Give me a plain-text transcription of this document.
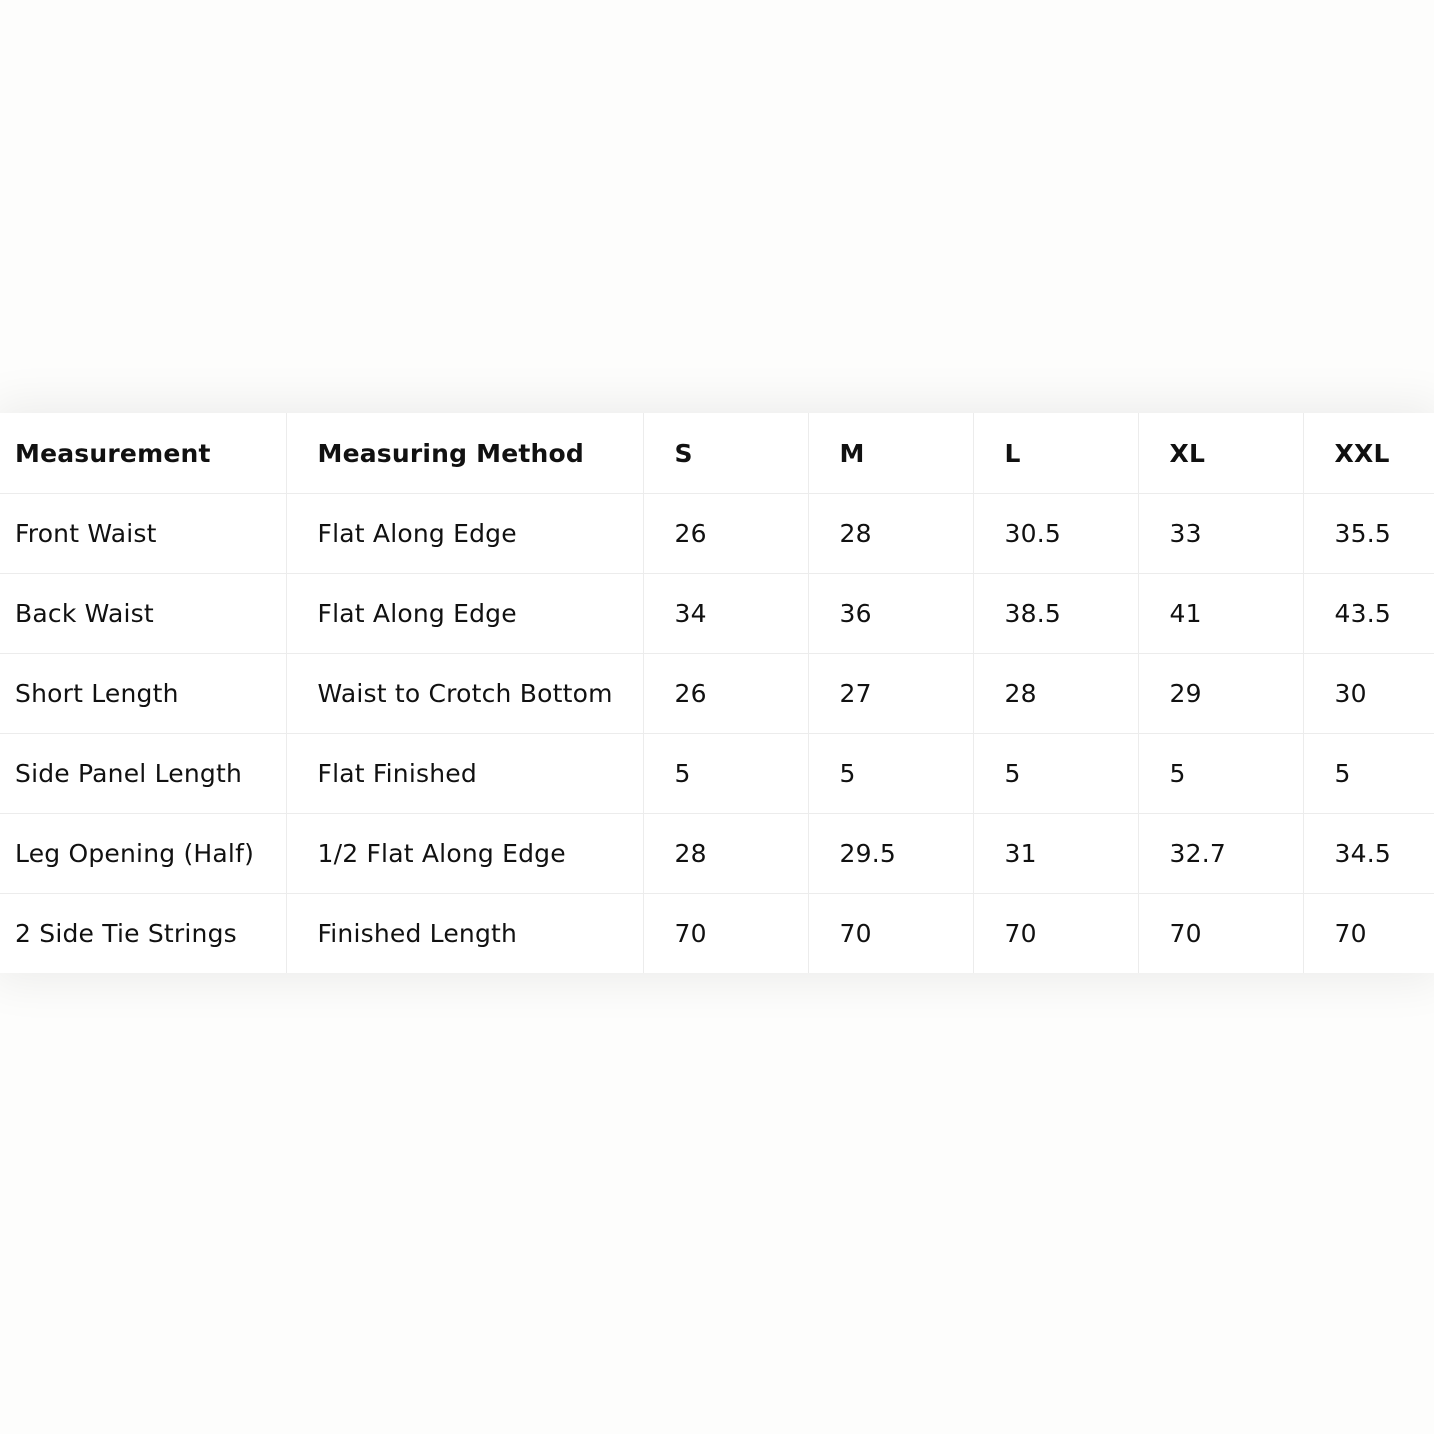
Measurement	Measuring Method	S	M	L	XL	XXL
Front Waist	Flat Along Edge	26	28	30.5	33	35.5
Back Waist	Flat Along Edge	34	36	38.5	41	43.5
Short Length	Waist to Crotch Bottom	26	27	28	29	30
Side Panel Length	Flat Finished	5	5	5	5	5
Leg Opening (Half)	1/2 Flat Along Edge	28	29.5	31	32.7	34.5
2 Side Tie Strings	Finished Length	70	70	70	70	70
